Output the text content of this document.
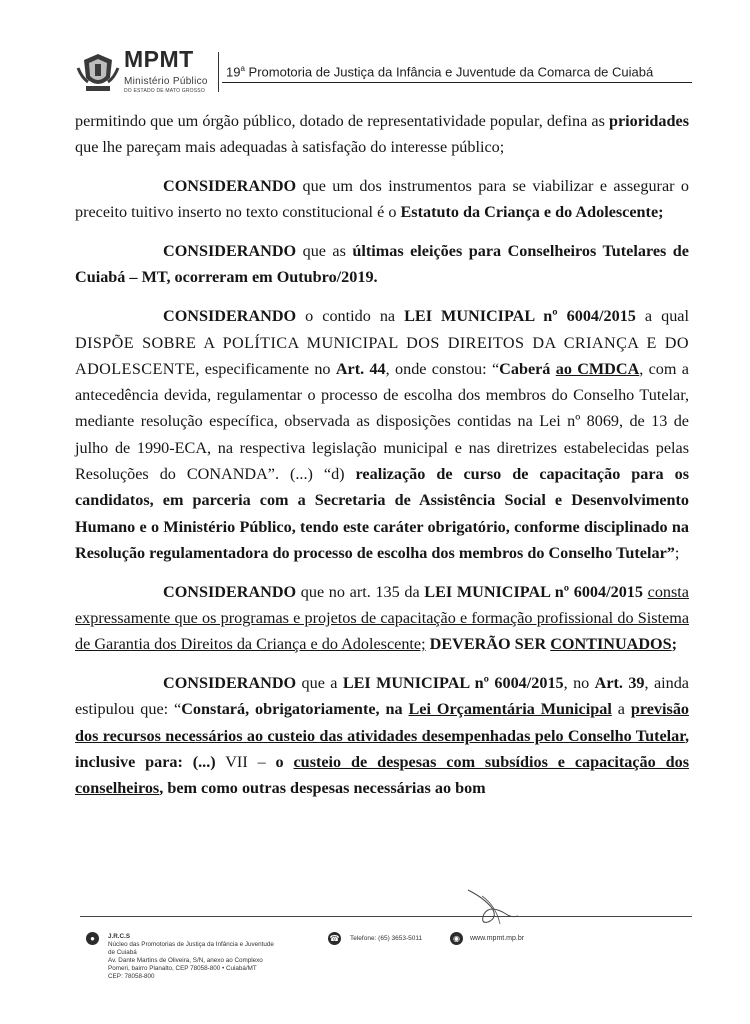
MPMT
Ministério Público
DO ESTADO DE MATO GROSSO
19$^a$ Promotoria de Justiça da Infância e Juventude da Comarca de Cuiabá

permitindo que um órgão público, dotado de representatividade popular, defina as prioridades que lhe pareçam mais adequadas à satisfação do interesse público;

CONSIDERANDO que um dos instrumentos para se viabilizar e assegurar o preceito tuitivo inserto no texto constitucional é o Estatuto da Criança e do Adolescente;

CONSIDERANDO que as últimas eleições para Conselheiros Tutelares de Cuiabá – MT, ocorreram em Outubro/2019.

CONSIDERANDO o contido na LEI MUNICIPAL nº 6004/2015 a qual DISPÕE SOBRE A POLÍTICA MUNICIPAL DOS DIREITOS DA CRIANÇA E DO ADOLESCENTE, especificamente no Art. 44, onde constou: “Caberá ao CMDCA, com a antecedência devida, regulamentar o processo de escolha dos membros do Conselho Tutelar, mediante resolução específica, observada as disposições contidas na Lei nº 8069, de 13 de julho de 1990-ECA, na respectiva legislação municipal e nas diretrizes estabelecidas pelas Resoluções do CONANDA”. (...) “d) realização de curso de capacitação para os candidatos, em parceria com a Secretaria de Assistência Social e Desenvolvimento Humano e o Ministério Público, tendo este caráter obrigatório, conforme disciplinado na Resolução regulamentadora do processo de escolha dos membros do Conselho Tutelar”;

CONSIDERANDO que no art. 135 da LEI MUNICIPAL nº 6004/2015 consta expressamente que os programas e projetos de capacitação e formação profissional do Sistema de Garantia dos Direitos da Criança e do Adolescente; DEVERÃO SER CONTINUADOS;

CONSIDERANDO que a LEI MUNICIPAL nº 6004/2015, no Art. 39, ainda estipulou que: “Constará, obrigatoriamente, na Lei Orçamentária Municipal a previsão dos recursos necessários ao custeio das atividades desempenhadas pelo Conselho Tutelar, inclusive para: (...) VII – o custeio de despesas com subsídios e capacitação dos conselheiros, bem como outras despesas necessárias ao bom

●	J.R.C.S
Núcleo das Promotorias de Justiça da Infância e Juventude
de Cuiabá
Av. Dante Martins de Oliveira, S/N, anexo ao Complexo
Pomeri, bairro Planalto, CEP 78058-800 • Cuiabá/MT
CEP: 78058-800
☎ Telefone: (65) 3653-5011	◉	www.mpmt.mp.br
